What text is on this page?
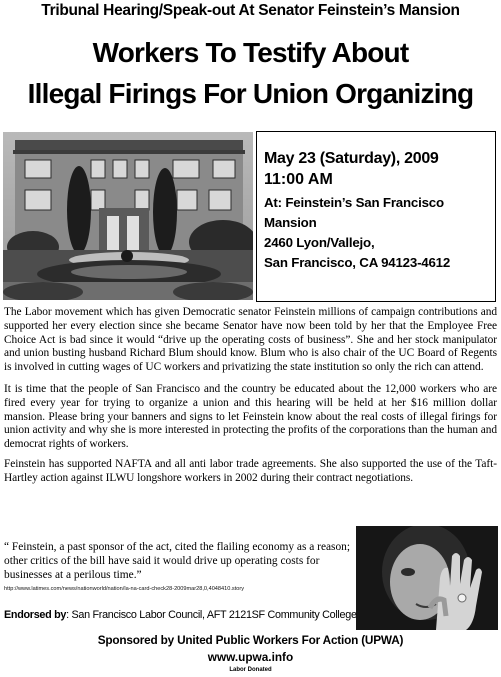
Tribunal Hearing/Speak-out At Senator Feinstein’s Mansion
Workers To Testify About
Illegal Firings For Union Organizing
May 23 (Saturday), 2009
11:00 AM
At: Feinstein’s San Francisco
Mansion
2460 Lyon/Vallejo,
San Francisco, CA 94123-4612

The Labor movement which has given Democratic senator Feinstein millions of campaign contributions and supported her every election since she became Senator have now been told by her that the Employee Free Choice Act is bad since it would “drive up the operating costs of business”. She and her stock manipulator and union busting husband Richard Blum should know. Blum who is also chair of the UC Board of Regents is involved in cutting wages of UC workers and privatizing the state institution so only the rich can attend.

It is time that the people of San Francisco and the country be educated about the 12,000 workers who are fired every year for trying to organize a union and this hearing will be held at her $16 million dollar mansion. Please bring your banners and signs to let Feinstein know about the real costs of illegal firings for union activity and why she is more interested in protecting the profits of the corporations than the human and democrat rights of workers.

Feinstein has supported NAFTA and all anti labor trade agreements. She also supported the use of the Taft-Hartley action against ILWU longshore workers in 2002 during their contract negotiations.

“ Feinstein, a past sponsor of the act, cited the flailing economy as a reason; other critics of the bill have said it would drive up operating costs for businesses at a perilous time.”
http://www.latimes.com/news/nationworld/nation/la-na-card-check28-2009mar28,0,4048410.story
Endorsed by: San Francisco Labor Council, AFT 2121SF Community College
Sponsored by United Public Workers For Action (UPWA)
www.upwa.info
Labor Donated
